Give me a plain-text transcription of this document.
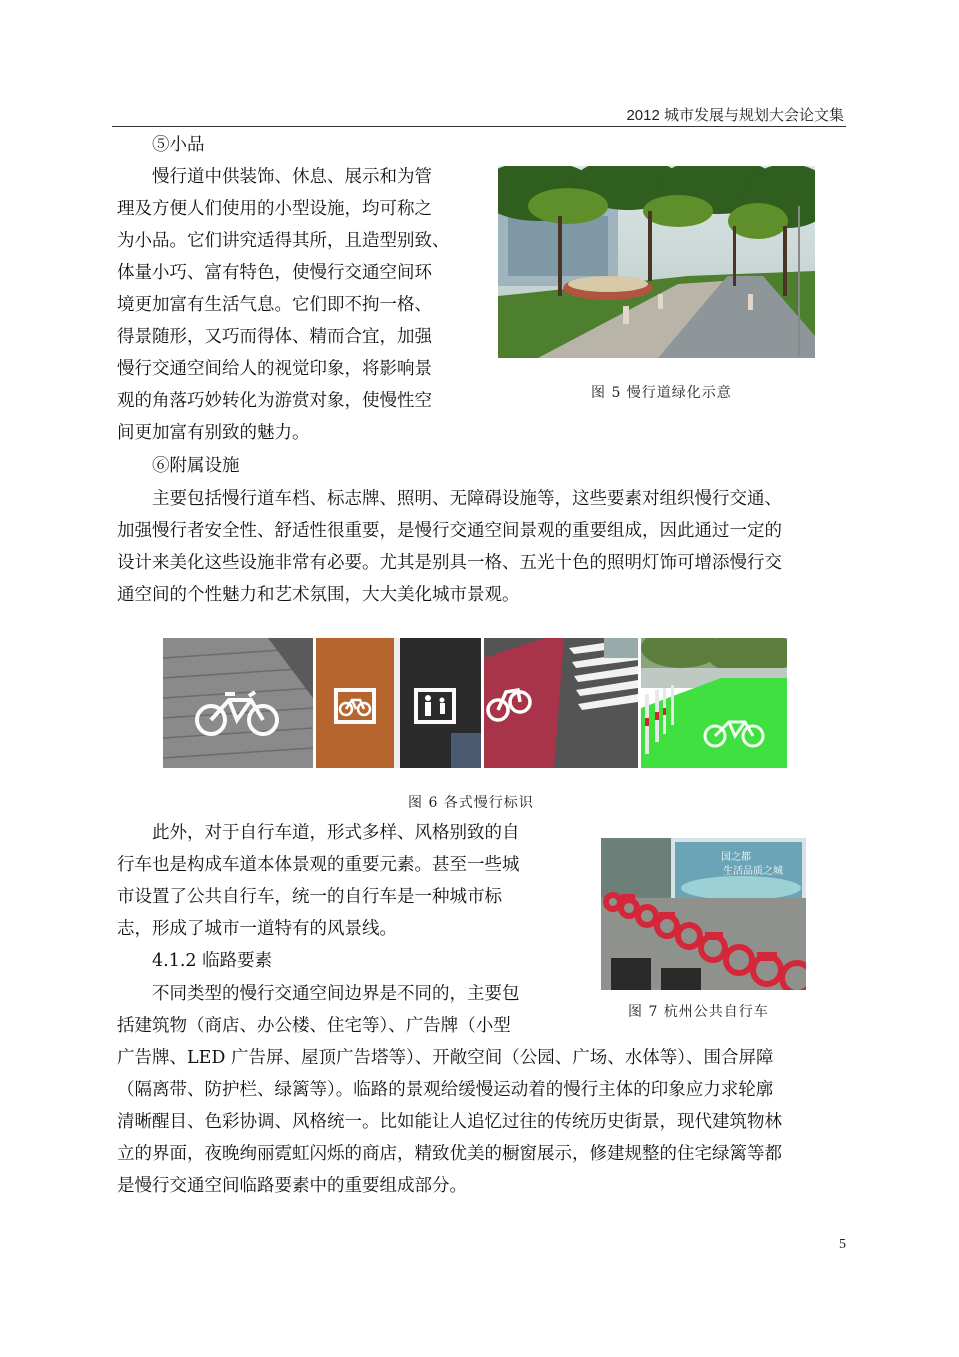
2012 城市发展与规划大会论文集
⑤小品
慢行道中供装饰、休息、展示和为管
理及方便人们使用的小型设施，均可称之
为小品。它们讲究适得其所，且造型别致、
体量小巧、富有特色，使慢行交通空间环
境更加富有生活气息。它们即不拘一格、
得景随形，又巧而得体、精而合宜，加强
慢行交通空间给人的视觉印象，将影响景
观的角落巧妙转化为游赏对象，使慢性空
间更加富有别致的魅力。
图 5 慢行道绿化示意
⑥附属设施
主要包括慢行道车档、标志牌、照明、无障碍设施等，这些要素对组织慢行交通、
加强慢行者安全性、舒适性很重要，是慢行交通空间景观的重要组成，因此通过一定的
设计来美化这些设施非常有必要。尤其是别具一格、五光十色的照明灯饰可增添慢行交
通空间的个性魅力和艺术氛围，大大美化城市景观。
图 6 各式慢行标识
此外，对于自行车道，形式多样、风格别致的自
行车也是构成车道本体景观的重要元素。甚至一些城
市设置了公共自行车，统一的自行车是一种城市标
志，形成了城市一道特有的风景线。
国之都
生活品质之城
图 7 杭州公共自行车
4.1.2 临路要素
不同类型的慢行交通空间边界是不同的，主要包
括建筑物（商店、办公楼、住宅等）、广告牌（小型
广告牌、LED 广告屏、屋顶广告塔等）、开敞空间（公园、广场、水体等）、围合屏障
（隔离带、防护栏、绿篱等）。临路的景观给缓慢运动着的慢行主体的印象应力求轮廓
清晰醒目、色彩协调、风格统一。比如能让人追忆过往的传统历史街景，现代建筑物林
立的界面，夜晚绚丽霓虹闪烁的商店，精致优美的橱窗展示，修建规整的住宅绿篱等都
是慢行交通空间临路要素中的重要组成部分。
5
